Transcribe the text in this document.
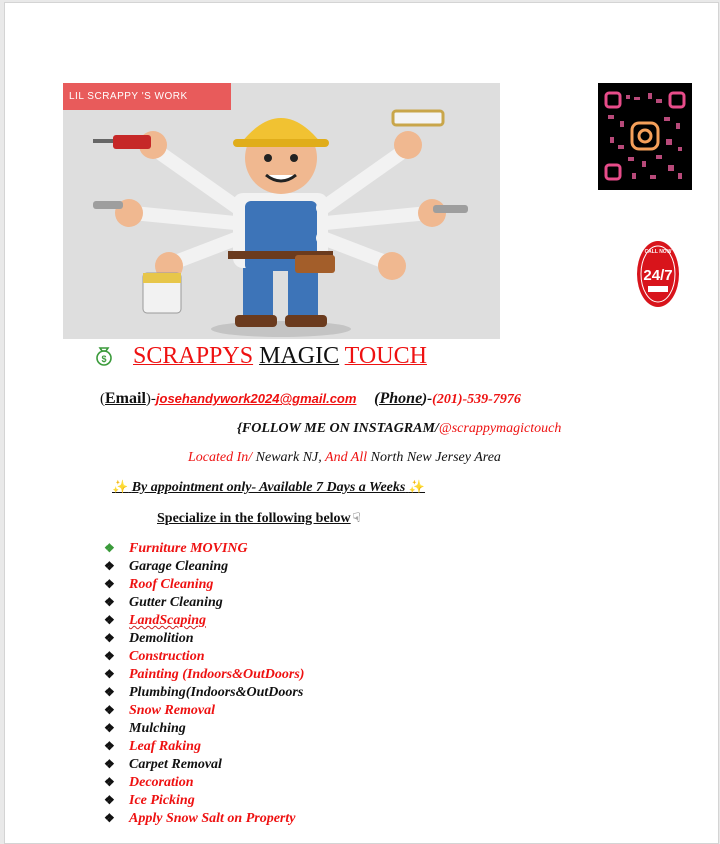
LIL SCRAPPY 'S WORK
CALL NOW
24/7
$ SCRAPPYS MAGIC TOUCH
(Email)-josehandywork2024@gmail.com (Phone)-(201)-539-7976
{FOLLOW ME ON INSTAGRAM/@scrappymagictouch
Located In/ Newark NJ, And All North New Jersey Area
✨ By appointment only- Available 7 Days a Weeks ✨
Specialize in the following below ☟
❖ Furniture MOVING
❖ Garage Cleaning
❖ Roof Cleaning
❖ Gutter Cleaning
❖ LandScaping
❖ Demolition
❖ Construction
❖ Painting (Indoors&OutDoors)
❖ Plumbing(Indoors&OutDoors
❖ Snow Removal
❖ Mulching
❖ Leaf Raking
❖ Carpet Removal
❖ Decoration
❖ Ice Picking
❖ Apply Snow Salt on Property
